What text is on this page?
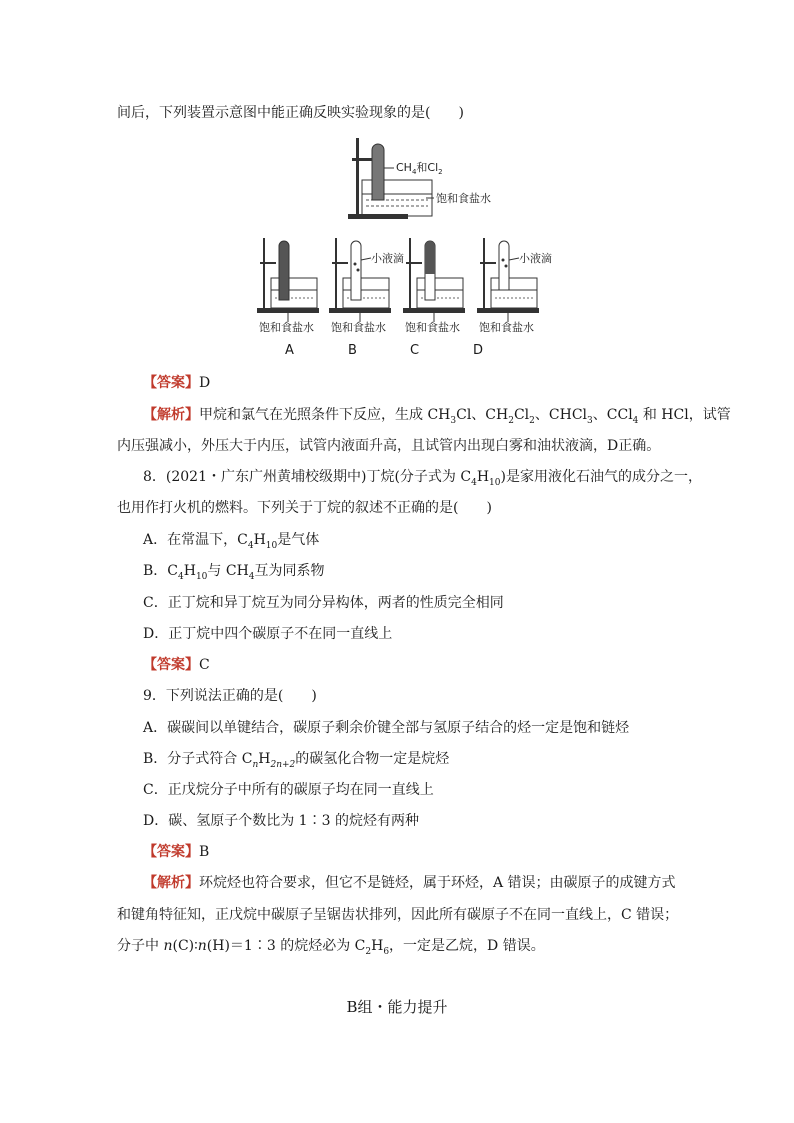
间后，下列装置示意图中能正确反映实验现象的是(　　)
$CH_4$和$Cl_2$
饱和食盐水
饱和食盐水
小液滴
饱和食盐水 饱和食盐水
小液滴
饱和食盐水
A	B	C	D
【答案】D
【解析】甲烷和氯气在光照条件下反应，生成 $CH_3Cl$、$CH_2Cl_2$、CHCl$_3$、CCl$_4$ 和 HCl，试管
内压强减小，外压大于内压，试管内液面升高，且试管内出现白雾和油状液滴，D正确。
8．(2021・广东广州黄埔校级期中)丁烷(分子式为 $C_4H_{10}$)是家用液化石油气的成分之一，
也用作打火机的燃料。下列关于丁烷的叙述不正确的是(　　)
A．在常温下，$C_4H_{10}$是气体
B．$C_4H_{10}$与 $CH_4$互为同系物
C．正丁烷和异丁烷互为同分异构体，两者的性质完全相同
D．正丁烷中四个碳原子不在同一直线上
【答案】C
9．下列说法正确的是(　　)
A．碳碳间以单键结合，碳原子剩余价键全部与氢原子结合的烃一定是饱和链烃
B．分子式符合 $C_nH_{2n+2}$的碳氢化合物一定是烷烃
C．正戊烷分子中所有的碳原子均在同一直线上
D．碳、氢原子个数比为 1∶3 的烷烃有两种
【答案】B
【解析】环烷烃也符合要求，但它不是链烃，属于环烃，A 错误；由碳原子的成键方式
和键角特征知，正戊烷中碳原子呈锯齿状排列，因此所有碳原子不在同一直线上，C 错误；
分子中 n(C)∶n(H)＝1∶3 的烷烃必为 $C_2H_6$，一定是乙烷，D 错误。
B组・能力提升
